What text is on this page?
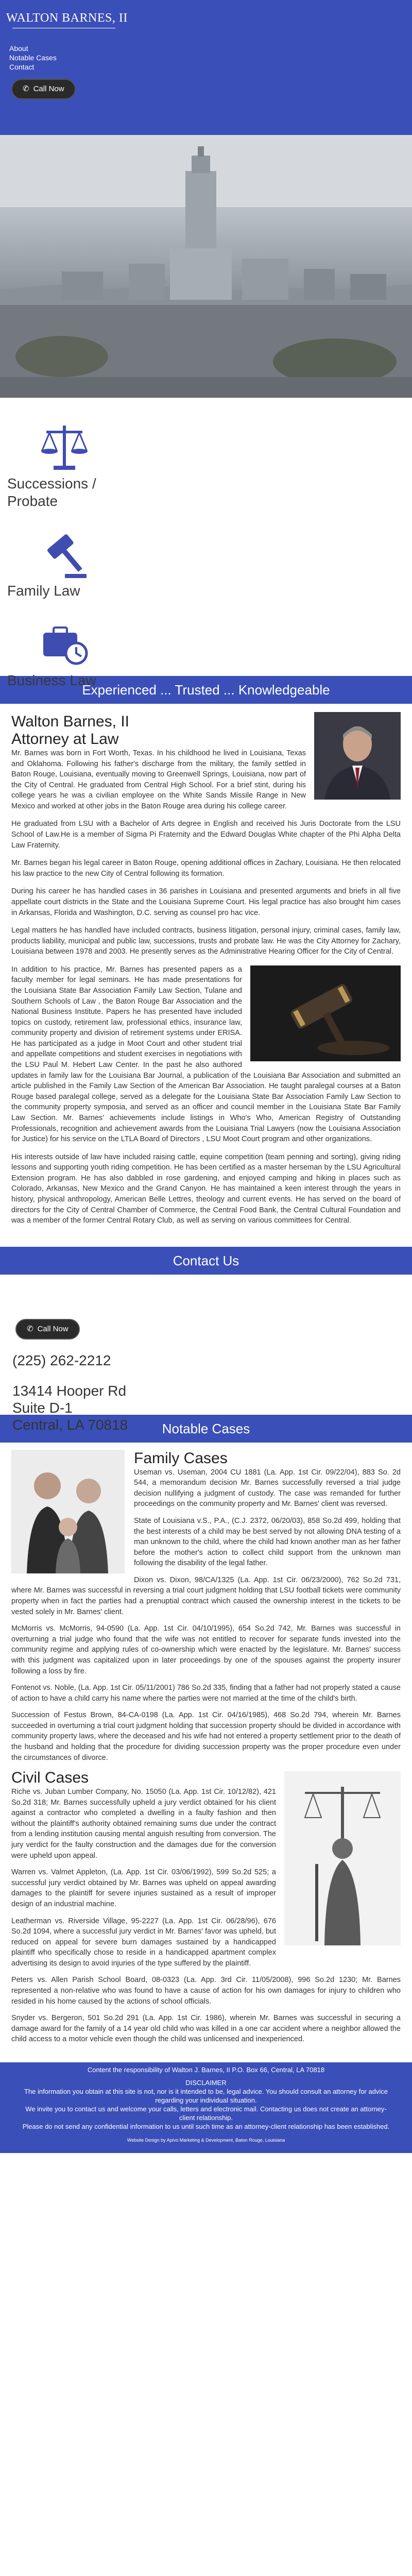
WALTON BARNES, II
About
Notable Cases
Contact
✆ Call Now
Successions /
Probate
Family Law
Business Law
Experienced ... Trusted ... Knowledgeable
Walton Barnes, II
Attorney at Law

Mr. Barnes was born in Fort Worth, Texas. In his childhood he lived in Louisiana, Texas and Oklahoma. Following his father's discharge from the military, the family settled in Baton Rouge, Louisiana, eventually moving to Greenwell Springs, Louisiana, now part of the City of Central. He graduated from Central High School. For a brief stint, during his college years he was a civilian employee on the White Sands Missile Range in New Mexico and worked at other jobs in the Baton Rouge area during his college career.

He graduated from LSU with a Bachelor of Arts degree in English and received his Juris Doctorate from the LSU School of Law.He is a member of Sigma Pi Fraternity and the Edward Douglas White chapter of the Phi Alpha Delta Law Fraternity.

Mr. Barnes began his legal career in Baton Rouge, opening additional offices in Zachary, Louisiana. He then relocated his law practice to the new City of Central following its formation.

During his career he has handled cases in 36 parishes in Louisiana and presented arguments and briefs in all five appellate court districts in the State and the Louisiana Supreme Court. His legal practice has also brought him cases in Arkansas, Florida and Washington, D.C. serving as counsel pro hac vice.

Legal matters he has handled have included contracts, business litigation, personal injury, criminal cases, family law, products liability, municipal and public law, successions, trusts and probate law. He was the City Attorney for Zachary, Louisiana between 1978 and 2003. He presently serves as the Administrative Hearing Officer for the City of Central.

In addition to his practice, Mr. Barnes has presented papers as a faculty member for legal seminars. He has made presentations for the Louisiana State Bar Association Family Law Section, Tulane and Southern Schools of Law , the Baton Rouge Bar Association and the National Business Institute. Papers he has presented have included topics on custody, retirement law, professional ethics, insurance law, community property and division of retirement systems under ERISA. He has participated as a judge in Moot Court and other student trial and appellate competitions and student exercises in negotiations with the LSU Paul M. Hebert Law Center. In the past he also authored updates in family law for the Louisiana Bar Journal, a publication of the Louisiana Bar Association and submitted an article published in the Family Law Section of the American Bar Association. He taught paralegal courses at a Baton Rouge based paralegal college, served as a delegate for the Louisiana State Bar Association Family Law Section to the community property symposia, and served as an officer and council member in the Louisiana State Bar Family Law Section. Mr. Barnes' achievements include listings in Who's Who, American Registry of Outstanding Professionals, recognition and achievement awards from the Louisiana Trial Lawyers (now the Louisiana Association for Justice) for his service on the LTLA Board of Directors , LSU Moot Court program and other organizations.

His interests outside of law have included raising cattle, equine competition (team penning and sorting), giving riding lessons and supporting youth riding competition. He has been certified as a master herseman by the LSU Agricultural Extension program. He has also dabbled in rose gardening, and enjoyed camping and hiking in places such as Colorado, Arkansas, New Mexico and the Grand Canyon. He has maintained a keen interest through the years in history, physical anthropology, American Belle Lettres, theology and current events. He has served on the board of directors for the City of Central Chamber of Commerce, the Central Food Bank, the Central Cultural Foundation and was a member of the former Central Rotary Club, as well as serving on various committees for Central.

Contact Us
✆ Call Now
(225) 262-2212
13414 Hooper Rd
Suite D-1
Central, LA 70818	Notable Cases
Family Cases

Useman vs. Useman, 2004 CU 1881 (La. App. 1st Cir. 09/22/04), 883 So. 2d 544, a memorandum decision Mr. Barnes successfully reversed a trial judge decision nullifying a judgment of custody. The case was remanded for further proceedings on the community property and Mr. Barnes' client was reversed.

State of Louisiana v.S., P.A., (C.J. 2372, 06/20/03), 858 So.2d 499, holding that the best interests of a child may be best served by not allowing DNA testing of a man unknown to the child, where the child had known another man as her father before the mother's action to collect child support from the unknown man following the disability of the legal father.

Dixon vs. Dixon, 98/CA/1325 (La. App. 1st Cir. 06/23/2000), 762 So.2d 731, where Mr. Barnes was successful in reversing a trial court judgment holding that LSU football tickets were community property when in fact the parties had a prenuptial contract which caused the ownership interest in the tickets to be vested solely in Mr. Barnes' client.

McMorris vs. McMorris, 94-0590 (La. App. 1st Cir. 04/10/1995), 654 So.2d 742, Mr. Barnes was successful in overturning a trial judge who found that the wife was not entitled to recover for separate funds invested into the community regime and applying rules of co-ownership which were enacted by the legislature. Mr. Barnes' success with this judgment was capitalized upon in later proceedings by one of the spouses against the property insurer following a loss by fire.

Fontenot vs. Noble, (La. App. 1st Cir. 05/11/2001) 786 So.2d 335, finding that a father had not properly stated a cause of action to have a child carry his name where the parties were not married at the time of the child's birth.

Succession of Festus Brown, 84-CA-0198 (La. App. 1st Cir. 04/16/1985), 468 So.2d 794, wherein Mr. Barnes succeeded in overturning a trial court judgment holding that succession property should be divided in accordance with community property laws, where the deceased and his wife had not entered a property settlement prior to the death of the husband and holding that the procedure for dividing succession property was the proper procedure even under the circumstances of divorce.

Civil Cases

Riche vs. Juban Lumber Company, No. 15050 (La. App. 1st Cir. 10/12/82), 421 So.2d 318; Mr. Barnes successfully upheld a jury verdict obtained for his client against a contractor who completed a dwelling in a faulty fashion and then without the plaintiff's authority obtained remaining sums due under the contract from a lending institution causing mental anguish resulting from conversion. The jury verdict for the faulty construction and the damages due for the conversion were upheld upon appeal.

Warren vs. Valmet Appleton, (La. App. 1st Cir. 03/06/1992), 599 So.2d 525; a successful jury verdict obtained by Mr. Barnes was upheld on appeal awarding damages to the plaintiff for severe injuries sustained as a result of improper design of an industrial machine.

Leatherman vs. Riverside Village, 95-2227 (La. App. 1st Cir. 06/28/96), 676 So.2d 1094, where a successful jury verdict in Mr. Barnes' favor was upheld, but reduced on appeal for severe burn damages sustained by a handicapped plaintiff who specifically chose to reside in a handicapped apartment complex advertising its design to avoid injuries of the type suffered by the plaintiff.

Peters vs. Allen Parish School Board, 08-0323 (La. App. 3rd Cir. 11/05/2008), 996 So.2d 1230; Mr. Barnes represented a non-relative who was found to have a cause of action for his own damages for injury to children who resided in his home caused by the actions of school officials.

Snyder vs. Bergeron, 501 So.2d 291 (La. App. 1st Cir. 1986), wherein Mr. Barnes was successful in securing a damage award for the family of a 14 year old child who was killed in a one car accident where a neighbor allowed the child access to a motor vehicle even though the child was unlicensed and inexperienced.

Content the responsibility of Walton J. Barnes, II P.O. Box 66, Central, LA 70818
DISCLAIMER
The information you obtain at this site is not, nor is it intended to be, legal advice. You should consult an attorney for advice regarding your individual situation.
We invite you to contact us and welcome your calls, letters and electronic mail. Contacting us does not create an attorney-client relationship.
Please do not send any confidential information to us until such time as an attorney-client relationship has been established.
Website Design by Apivo Marketing & Development, Baton Rouge, Louisiana
